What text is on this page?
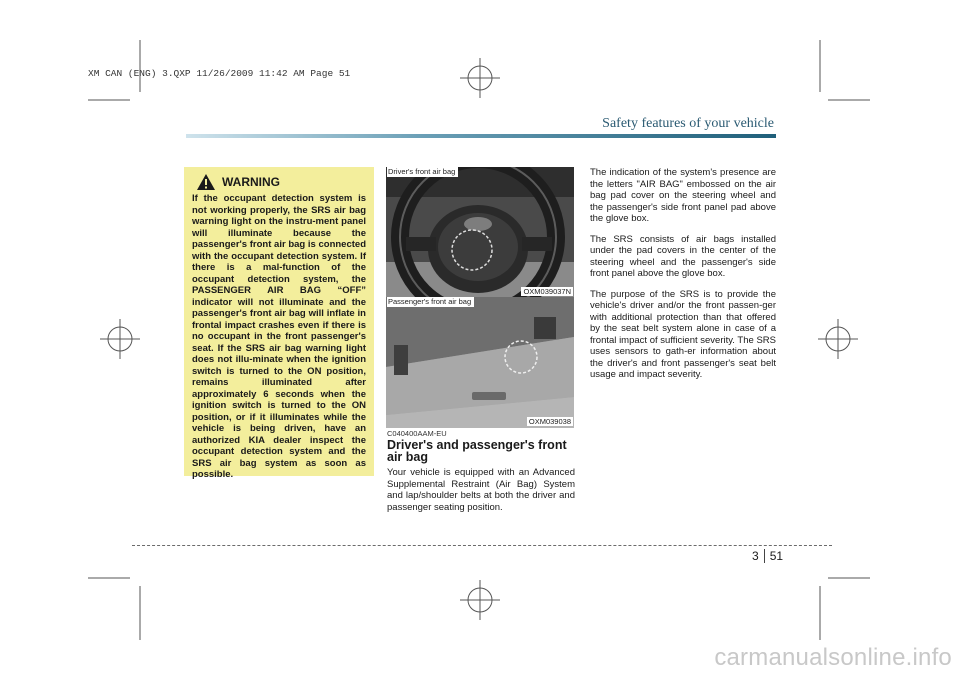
XM CAN (ENG) 3.QXP 11/26/2009 11:42 AM Page 51
Safety features of your vehicle
WARNING

If the occupant detection system is not working properly, the SRS air bag warning light on the instru-ment panel will illuminate because the passenger's front air bag is connected with the occupant detection system. If there is a mal-function of the occupant detection system, the PASSENGER AIR BAG “OFF” indicator will not illuminate and the passenger's front air bag will inflate in frontal impact crashes even if there is no occupant in the front passenger's seat. If the SRS air bag warning light does not illu-minate when the ignition switch is turned to the ON position, remains illuminated after approximately 6 seconds when the ignition switch is turned to the ON position, or if it illuminates while the vehicle is being driven, have an authorized KIA dealer inspect the occupant detection system and the SRS air bag system as soon as possible.

Driver's front air bag
OXM039037N
Passenger's front air bag
OXM039038
C040400AAM-EU
Driver's and passenger's front air bag

Your vehicle is equipped with an Advanced Supplemental Restraint (Air Bag) System and lap/shoulder belts at both the driver and passenger seating position.

The indication of the system's presence are the letters "AIR BAG" embossed on the air bag pad cover on the steering wheel and the passenger's side front panel pad above the glove box.

The SRS consists of air bags installed under the pad covers in the center of the steering wheel and the passenger's side front panel above the glove box.

The purpose of the SRS is to provide the vehicle's driver and/or the front passen-ger with additional protection than that offered by the seat belt system alone in case of a frontal impact of sufficient severity. The SRS uses sensors to gath-er information about the driver's and front passenger's seat belt usage and impact severity.

3 51
carmanualsonline.info
